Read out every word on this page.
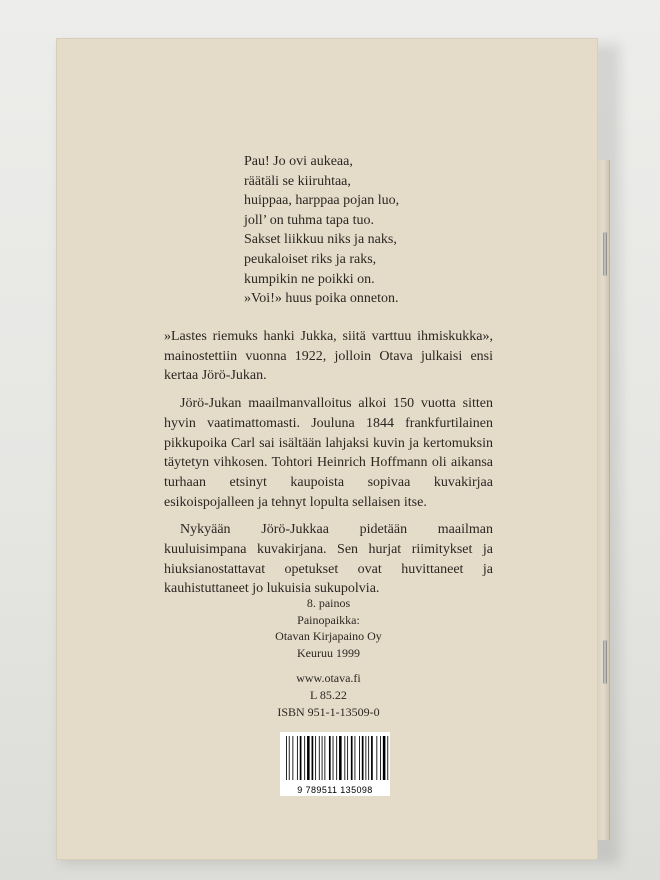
Pau! Jo ovi aukeaa,
räätäli se kiiruhtaa,
huippaa, harppaa pojan luo,
joll’ on tuhma tapa tuo.
Sakset liikkuu niks ja naks,
peukaloiset riks ja raks,
kumpikin ne poikki on.
»Voi!» huus poika onneton.

»Lastes riemuks hanki Jukka, siitä varttuu ihmiskukka», mainostettiin vuonna 1922, jolloin Otava julkaisi ensi kertaa Jörö-Jukan.

Jörö-Jukan maailmanvalloitus alkoi 150 vuotta sitten hyvin vaatimattomasti. Jouluna 1844 frankfurtilainen pikkupoika Carl sai isältään lahjaksi kuvin ja kertomuksin täytetyn vihkosen. Tohtori Heinrich Hoffmann oli aikansa turhaan etsinyt kaupoista sopivaa kuvakirjaa esikoispojalleen ja tehnyt lopulta sellaisen itse.

Nykyään Jörö-Jukkaa pidetään maailman kuuluisimpana kuvakirjana. Sen hurjat riimitykset ja hiuksianostattavat opetukset ovat huvittaneet ja kauhistuttaneet jo lukuisia sukupolvia.

8. painos
Painopaikka:
Otavan Kirjapaino Oy
Keuruu 1999
www.otava.fi
L 85.22
ISBN 951-1-13509-0
9 789511 135098
